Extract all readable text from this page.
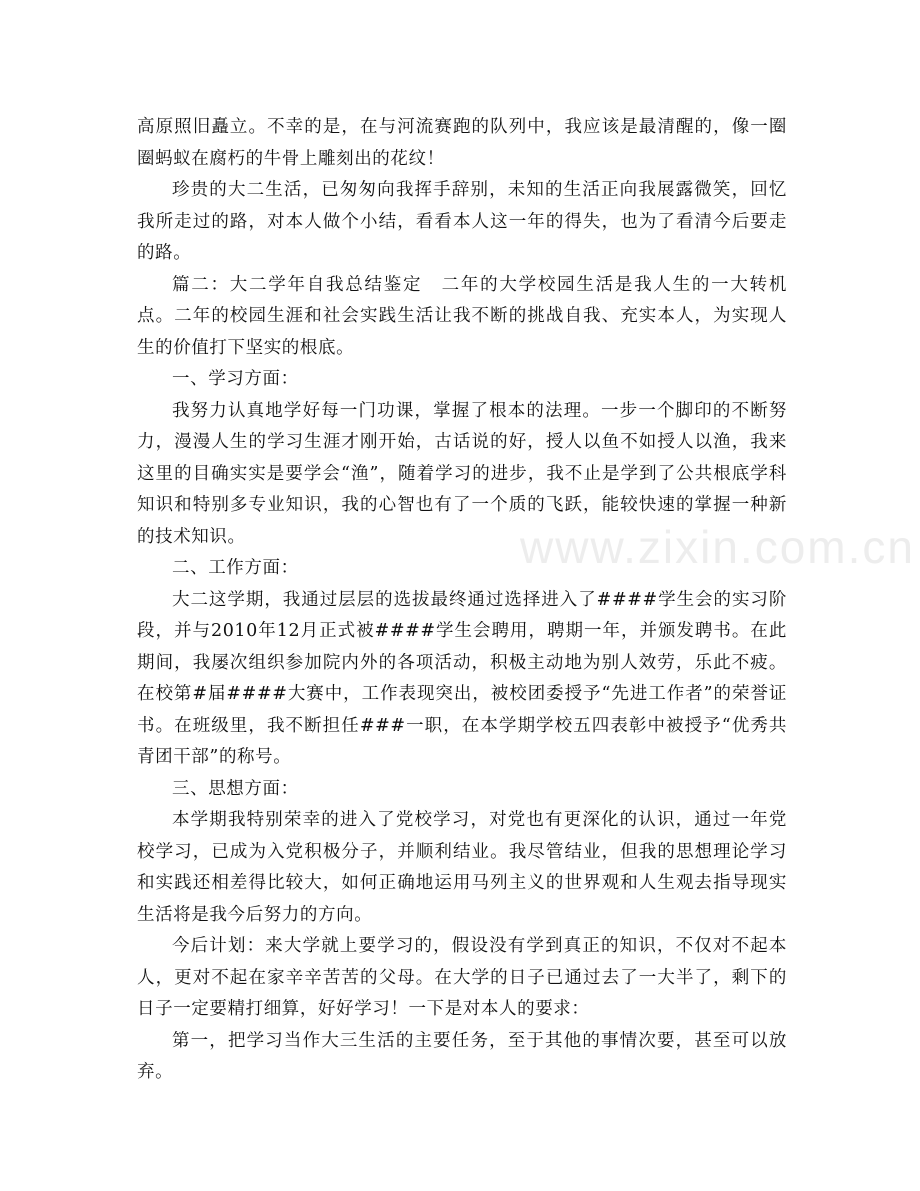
www.zixin.com.cn

高原照旧矗立。不幸的是，在与河流赛跑的队列中，我应该是最清醒的，像一圈圈蚂蚁在腐朽的牛骨上雕刻出的花纹！

珍贵的大二生活，已匆匆向我挥手辞别，未知的生活正向我展露微笑，回忆我所走过的路，对本人做个小结，看看本人这一年的得失，也为了看清今后要走的路。

篇二：大二学年自我总结鉴定　二年的大学校园生活是我人生的一大转机点。二年的校园生涯和社会实践生活让我不断的挑战自我、充实本人，为实现人生的价值打下坚实的根底。

一、学习方面：

我努力认真地学好每一门功课，掌握了根本的法理。一步一个脚印的不断努力，漫漫人生的学习生涯才刚开始，古话说的好，授人以鱼不如授人以渔，我来这里的目确实实是要学会“渔”，随着学习的进步，我不止是学到了公共根底学科知识和特别多专业知识，我的心智也有了一个质的飞跃，能较快速的掌握一种新的技术知识。

二、工作方面：

大二这学期，我通过层层的选拔最终通过选择进入了####学生会的实习阶段，并与2010年12月正式被####学生会聘用，聘期一年，并颁发聘书。在此期间，我屡次组织参加院内外的各项活动，积极主动地为别人效劳，乐此不疲。在校第#届####大赛中，工作表现突出，被校团委授予“先进工作者”的荣誉证书。在班级里，我不断担任###一职，在本学期学校五四表彰中被授予“优秀共青团干部”的称号。

三、思想方面：

本学期我特别荣幸的进入了党校学习，对党也有更深化的认识，通过一年党校学习，已成为入党积极分子，并顺利结业。我尽管结业，但我的思想理论学习和实践还相差得比较大，如何正确地运用马列主义的世界观和人生观去指导现实生活将是我今后努力的方向。

今后计划：来大学就上要学习的，假设没有学到真正的知识，不仅对不起本人，更对不起在家辛辛苦苦的父母。在大学的日子已通过去了一大半了，剩下的日子一定要精打细算，好好学习！一下是对本人的要求：

第一，把学习当作大三生活的主要任务，至于其他的事情次要，甚至可以放弃。
